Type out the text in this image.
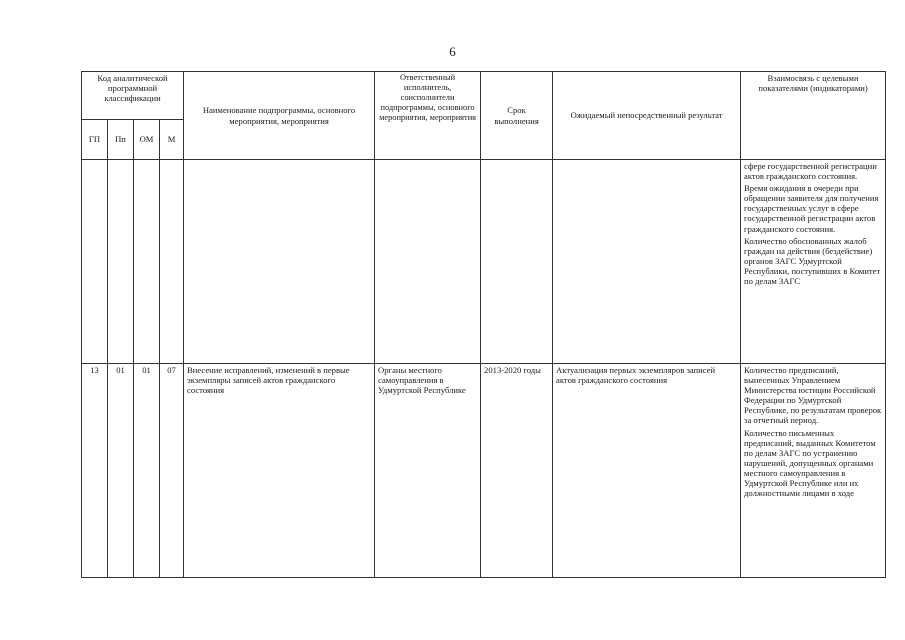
6
Код аналитической программной классификации				Наименование подпрограммы, основного мероприятия, мероприятия	Ответственный исполнитель, соисполнители подпрограммы, основного мероприятия, мероприятия	Срок выполнения	Ожидаемый непосредственный результат	Взаимосвязь с целевыми показателями (индикаторами)
ГП	Пп	ОМ	М					

								сфере государственной регистрации актов гражданского состояния.

Время ожидания в очереди при обращении заявителя для получения государственных услуг в сфере государственной регистрации актов гражданского состояния.

Количество обоснованных жалоб граждан на действия (бездействие) органов ЗАГС Удмуртской Республики, поступивших в Комитет по делам ЗАГС

13	01	01	07	Внесение исправлений, изменений в первые экземпляры записей актов гражданского состояния	Органы местного самоуправления в Удмуртской Республике	2013-2020 годы	Актуализация первых экземпляров записей актов гражданского состояния	Количество предписаний, вынесенных Управлением Министерства юстиции Российской Федерации по Удмуртской Республике, по результатам проверок за отчетный период.

Количество письменных предписаний, выданных Комитетом по делам ЗАГС по устранению нарушений, допущенных органами местного самоуправления в Удмуртской Республике или их должностными лицами в ходе
